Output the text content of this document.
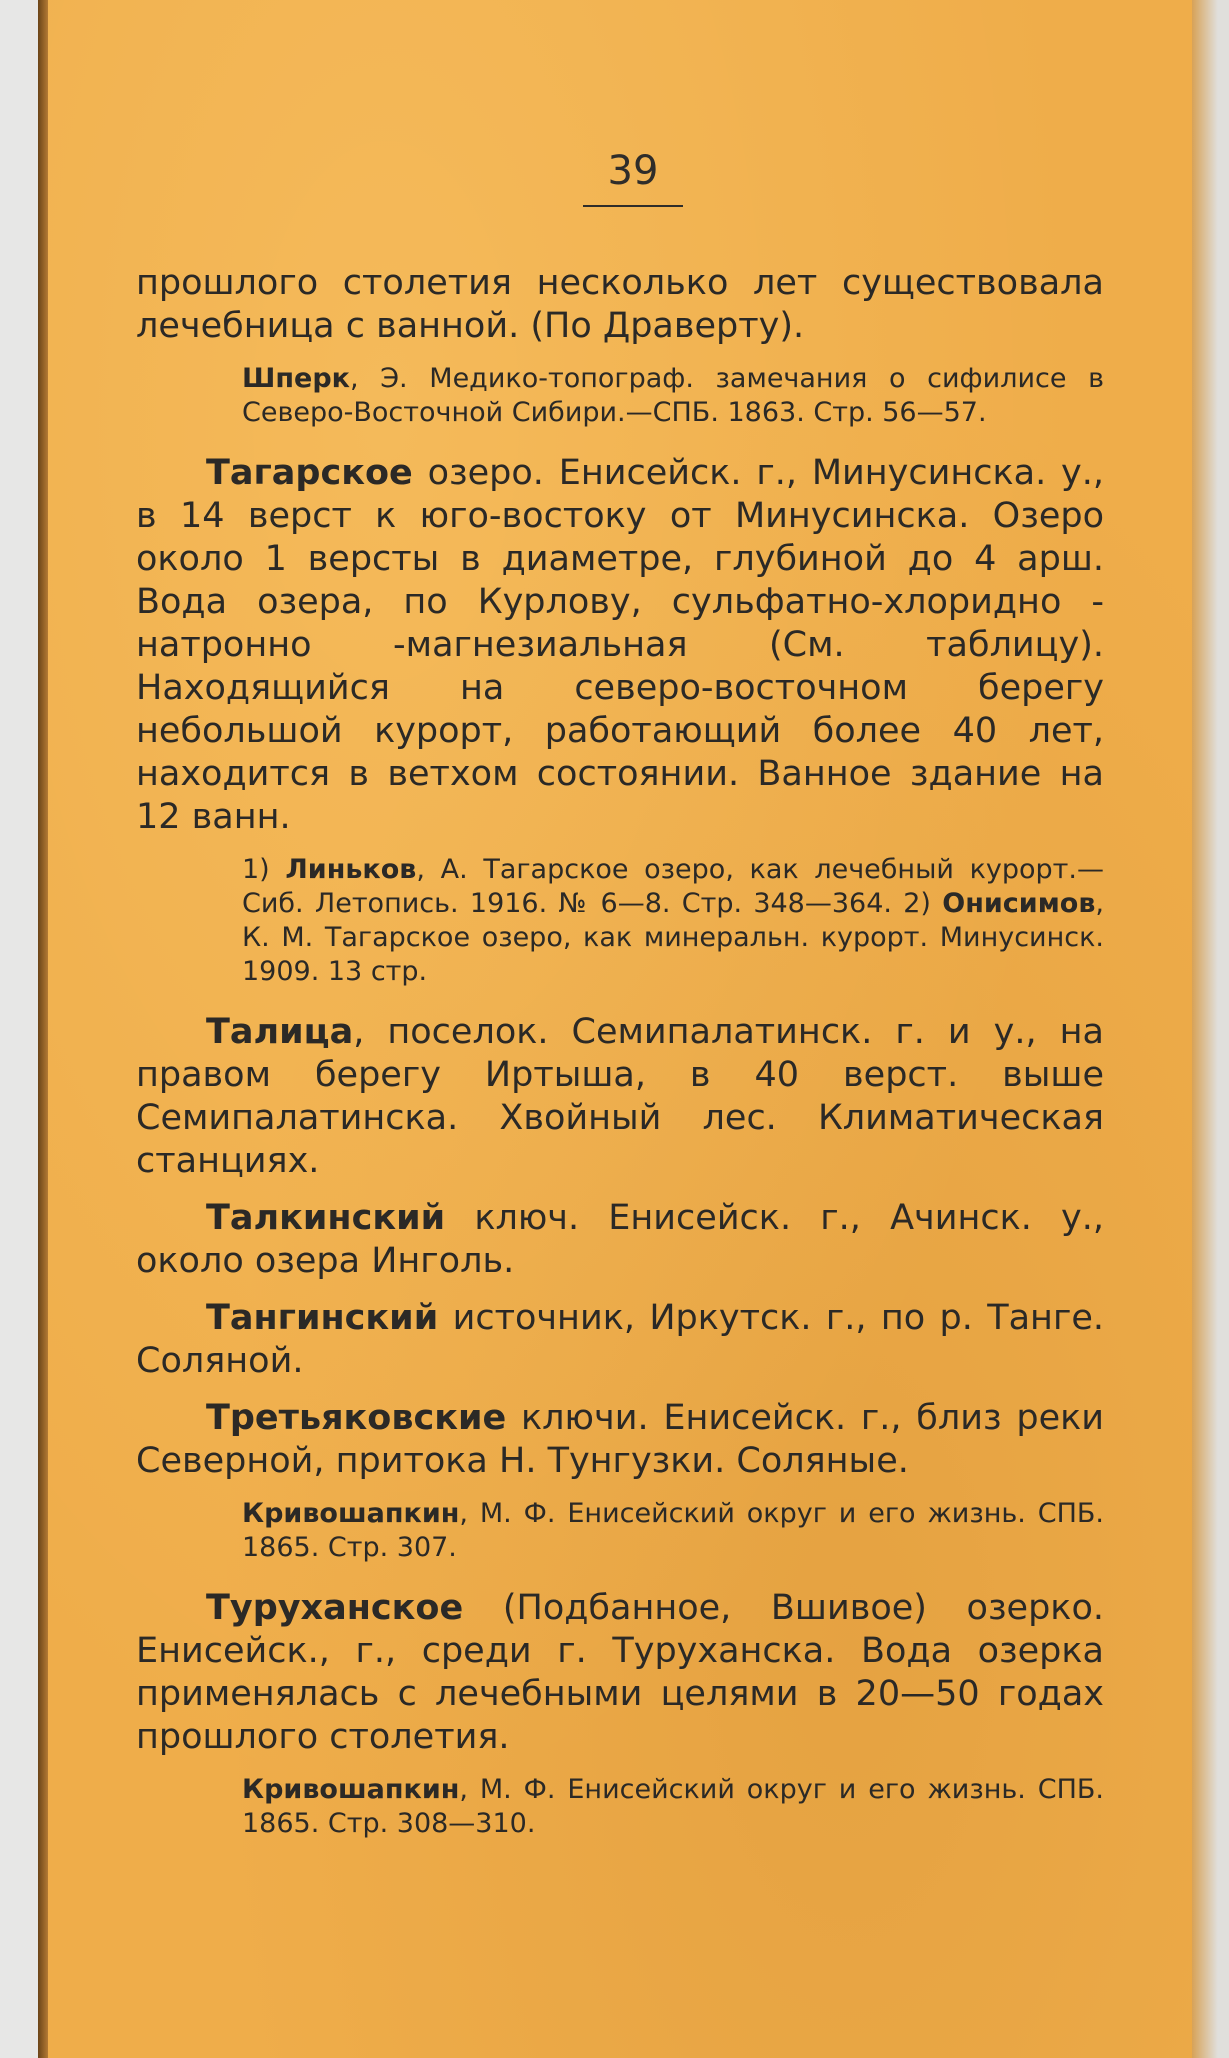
39

прошлого столетия несколько лет существовала лечебница с ванной. (По Драверту).

Шперк, Э. Медико-топограф. замечания о сифилисе в Северо-Восточной Сибири.—СПБ. 1863. Стр. 56—57.

Тагарское озеро. Енисейск. г., Минусинска. у., в 14 верст к юго-востоку от Минусинска. Озеро около 1 версты в диаметре, глубиной до 4 арш. Вода озера, по Курлову, сульфатно-хлоридно - натронно -магнезиальная (См. таблицу). Находящийся на северо-восточном берегу небольшой курорт, работающий более 40 лет, находится в ветхом состоянии. Ванное здание на 12 ванн.

1) Линьков, А. Тагарское озеро, как лечебный курорт.—Сиб. Летопись. 1916. № 6—8. Стр. 348—364. 2) Онисимов, К. М. Тагарское озеро, как минеральн. курорт. Минусинск. 1909. 13 стр.

Талица, поселок. Семипалатинск. г. и у., на правом берегу Иртыша, в 40 верст. выше Семипалатинска. Хвойный лес. Климатическая станциях.

Талкинский ключ. Енисейск. г., Ачинск. у., около озера Инголь.

Тангинский источник, Иркутск. г., по р. Танге. Соляной.

Третьяковские ключи. Енисейск. г., близ реки Северной, притока Н. Тунгузки. Соляные.

Кривошапкин, М. Ф. Енисейский округ и его жизнь. СПБ. 1865. Стр. 307.

Туруханское (Подбанное, Вшивое) озерко. Енисейск., г., среди г. Туруханска. Вода озерка применялась с лечебными целями в 20—50 годах прошлого столетия.

Кривошапкин, М. Ф. Енисейский округ и его жизнь. СПБ. 1865. Стр. 308—310.
